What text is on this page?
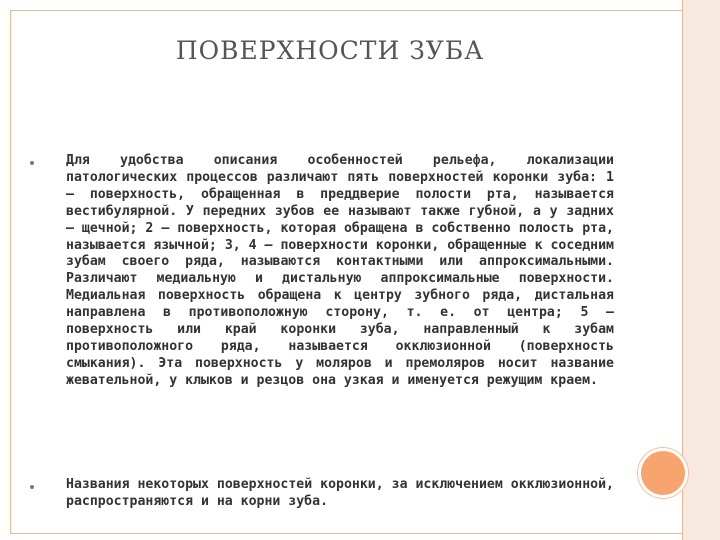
ПОВЕРХНОСТИ ЗУБА
Для удобства описания особенностей рельефа, локализации патологических процессов различают пять поверхностей коронки зуба: 1 — поверхность, обращенная в преддверие полости рта, называется вестибулярной. У передних зубов ее называют также губной, а у задних — щечной; 2 — поверхность, которая обращена в собственно полость рта, называется язычной; 3, 4 — поверхности коронки, обращенные к соседним зубам своего ряда, называются контактными или аппроксимальными. Различают медиальную и дистальную аппроксимальные поверхности. Медиальная поверхность обращена к центру зубного ряда, дистальная направлена в противоположную сторону, т. е. от центра; 5 — поверхность или край коронки зуба, направленный к зубам противоположного ряда, называется окклюзионной (поверхность смыкания). Эта поверхность у моляров и премоляров носит название жевательной, у клыков и резцов она узкая и именуется режущим краем.
Названия некоторых поверхностей коронки, за исключением окклюзионной, распространяются и на корни зуба.
